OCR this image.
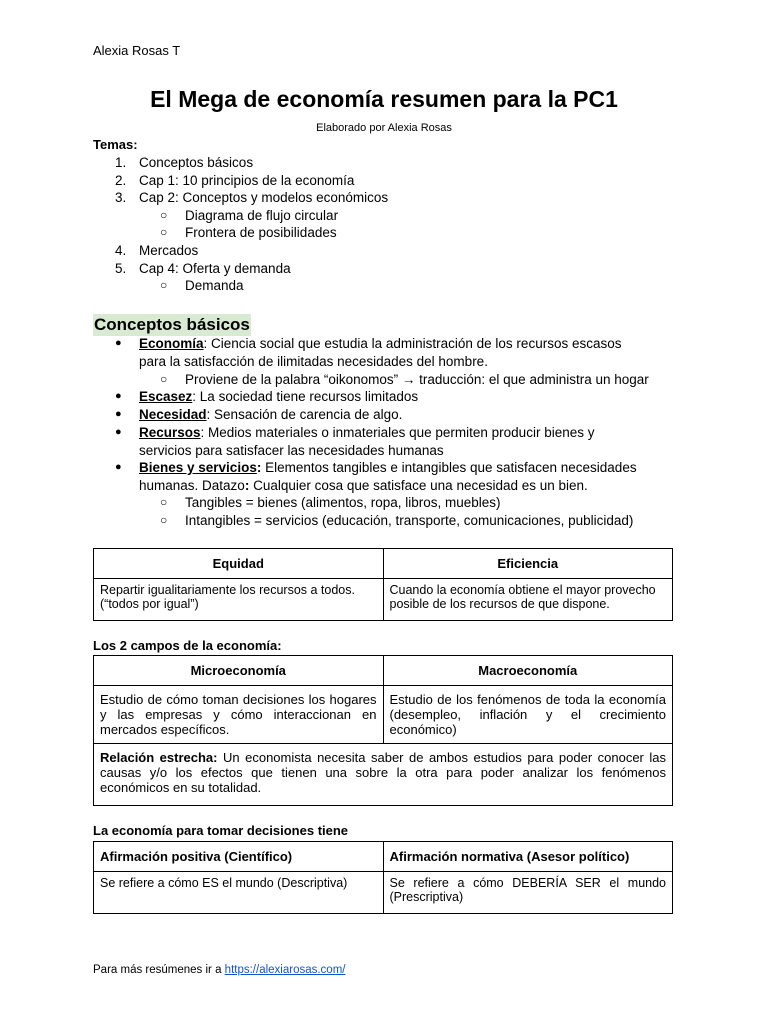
Alexia Rosas T
El Mega de economía resumen para la PC1
Elaborado por Alexia Rosas
Temas:
1. Conceptos básicos
2. Cap 1: 10 principios de la economía
3. Cap 2: Conceptos y modelos económicos
○ Diagrama de flujo circular
○ Frontera de posibilidades
4. Mercados
5. Cap 4: Oferta y demanda
○ Demanda
Conceptos básicos
● Economía: Ciencia social que estudia la administración de los recursos escasos
para la satisfacción de ilimitadas necesidades del hombre.
○ Proviene de la palabra “oikonomos” → traducción: el que administra un hogar
● Escasez: La sociedad tiene recursos limitados
● Necesidad: Sensación de carencia de algo.
● Recursos: Medios materiales o inmateriales que permiten producir bienes y
servicios para satisfacer las necesidades humanas
● Bienes y servicios: Elementos tangibles e intangibles que satisfacen necesidades
humanas. Datazo: Cualquier cosa que satisface una necesidad es un bien.
○ Tangibles = bienes (alimentos, ropa, libros, muebles)
○ Intangibles = servicios (educación, transporte, comunicaciones, publicidad)
Equidad	Eficiencia
Repartir igualitariamente los recursos a todos. (“todos por igual”)	Cuando la economía obtiene el mayor provecho posible de los recursos de que dispone.
Los 2 campos de la economía:
Microeconomía	Macroeconomía
Estudio de cómo toman decisiones los hogares y las empresas y cómo interaccionan en mercados específicos.	Estudio de los fenómenos de toda la economía (desempleo, inflación y el crecimiento económico)
Relación estrecha: Un economista necesita saber de ambos estudios para poder conocer las causas y/o los efectos que tienen una sobre la otra para poder analizar los fenómenos económicos en su totalidad.	
La economía para tomar decisiones tiene
Afirmación positiva (Científico)	Afirmación normativa (Asesor político)
Se refiere a cómo ES el mundo (Descriptiva)	Se refiere a cómo DEBERÍA SER el mundo (Prescriptiva)
Para más resúmenes ir a https://alexiarosas.com/
